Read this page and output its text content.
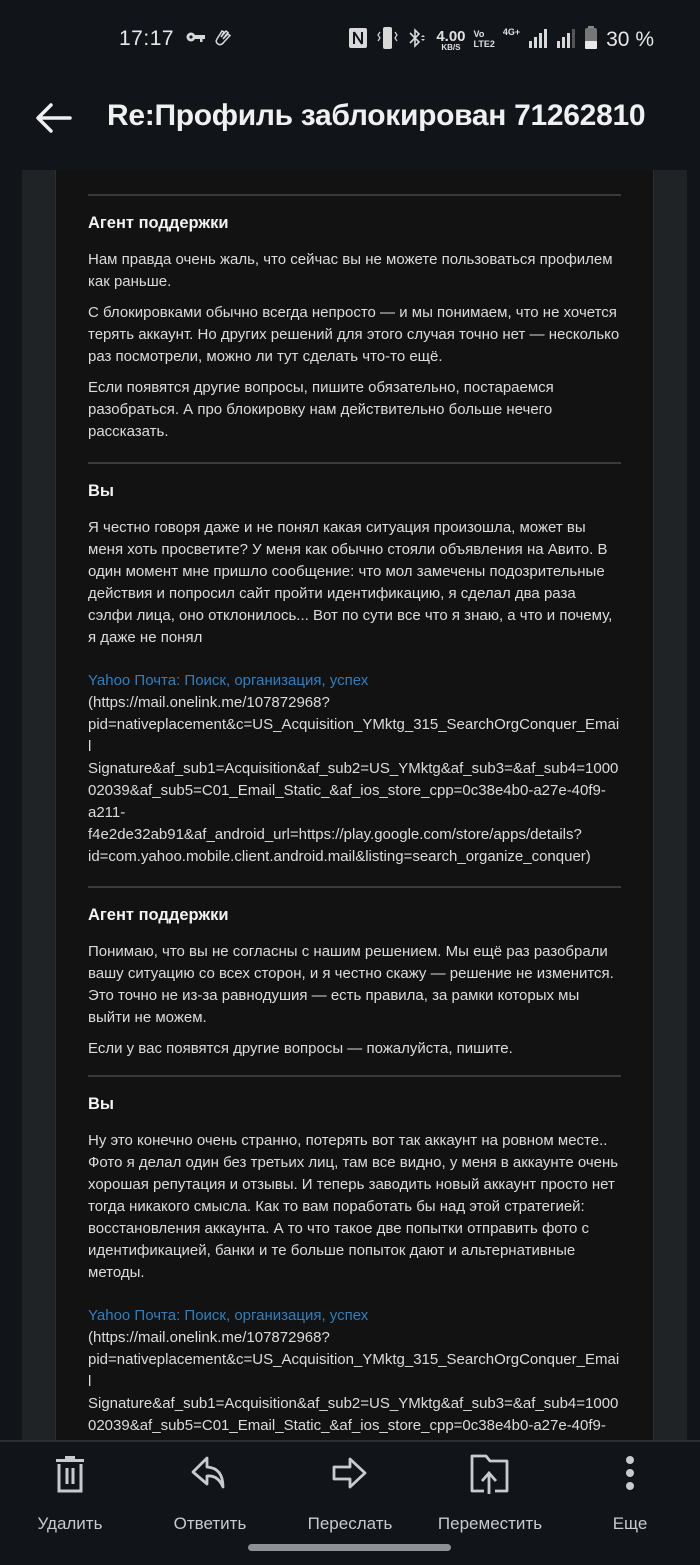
17:17	4.00
KB/S
Vo
LTE2
4G+	30 %
Re:Профиль заблокирован 71262810
Агент поддержки

Нам правда очень жаль, что сейчас вы не можете пользоваться профилем как раньше.

С блокировками обычно всегда непросто — и мы понимаем, что не хочется терять аккаунт. Но других решений для этого случая точно нет — несколько раз посмотрели, можно ли тут сделать что-то ещё.

Если появятся другие вопросы, пишите обязательно, постараемся разобраться. А про блокировку нам действительно больше нечего рассказать.

Вы

Я честно говоря даже и не понял какая ситуация произошла, может вы меня хоть просветите? У меня как обычно стояли объявления на Авито. В один момент мне пришло сообщение: что мол замечены подозрительные действия и попросил сайт пройти идентификацию, я сделал два раза сэлфи лица, оно отклонилось... Вот по сути все что я знаю, а что и почему, я даже не понял

Yahoo Почта: Поиск, организация, успех
(https://mail.onelink.me/107872968?
pid=nativeplacement&c=US_Acquisition_YMktg_315_SearchOrgConquer_Email
Signature&af_sub1=Acquisition&af_sub2=US_YMktg&af_sub3=&af_sub4=1000
02039&af_sub5=C01_Email_Static_&af_ios_store_cpp=0c38e4b0-a27e-40f9-
a211-
f4e2de32ab91&af_android_url=https://play.google.com/store/apps/details?
id=com.yahoo.mobile.client.android.mail&listing=search_organize_conquer)
Агент поддержки

Понимаю, что вы не согласны с нашим решением. Мы ещё раз разобрали вашу ситуацию со всех сторон, и я честно скажу — решение не изменится. Это точно не из-за равнодушия — есть правила, за рамки которых мы выйти не можем.

Если у вас появятся другие вопросы — пожалуйста, пишите.

Вы

Ну это конечно очень странно, потерять вот так аккаунт на ровном месте.. Фото я делал один без третьих лиц, там все видно, у меня в аккаунте очень хорошая репутация и отзывы. И теперь заводить новый аккаунт просто нет тогда никакого смысла. Как то вам поработать бы над этой стратегией: восстановления аккаунта. А то что такое две попытки отправить фото с идентификацией, банки и те больше попыток дают и альтернативные методы.

Yahoo Почта: Поиск, организация, успех
(https://mail.onelink.me/107872968?
pid=nativeplacement&c=US_Acquisition_YMktg_315_SearchOrgConquer_Email
Signature&af_sub1=Acquisition&af_sub2=US_YMktg&af_sub3=&af_sub4=1000
02039&af_sub5=C01_Email_Static_&af_ios_store_cpp=0c38e4b0-a27e-40f9-
Удалить	Ответить	Переслать	Переместить	Еще
